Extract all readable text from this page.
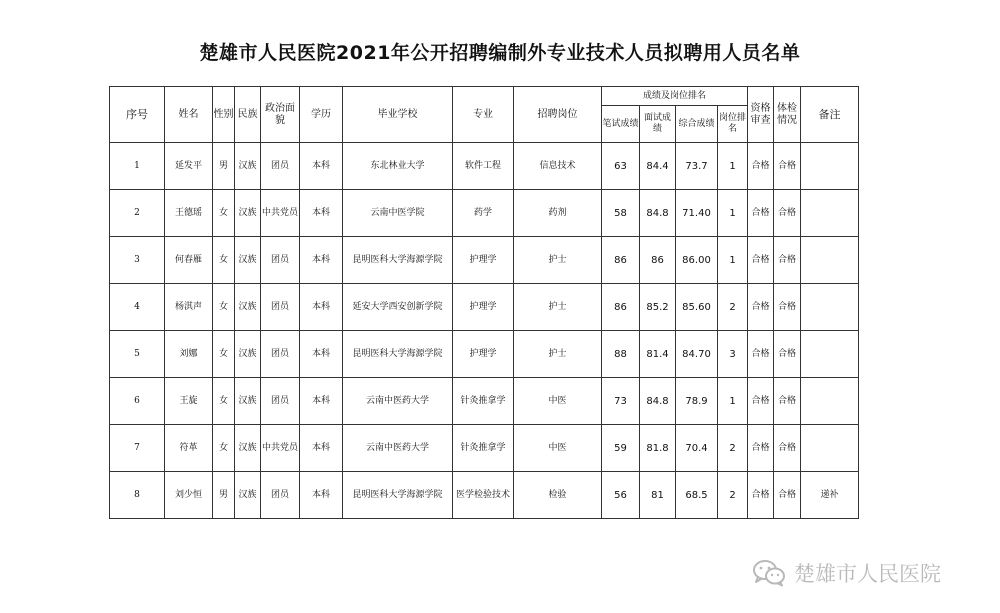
楚雄市人民医院2021年公开招聘编制外专业技术人员拟聘用人员名单
序号	姓名	性别	民族	政治面貌	学历	毕业学校	专业	招聘岗位	成绩及岗位排名				资格审查	体检情况	备注
									笔试成绩	面试成绩	综合成绩	岗位排名			
1	延发平	男	汉族	团员	本科	东北林业大学	软件工程	信息技术	63	84.4	73.7	1	合格	合格	
2	王德瑶	女	汉族	中共党员	本科	云南中医学院	药学	药剂	58	84.8	71.40	1	合格	合格	
3	何春雁	女	汉族	团员	本科	昆明医科大学海源学院	护理学	护士	86	86	86.00	1	合格	合格	
4	杨淇声	女	汉族	团员	本科	延安大学西安创新学院	护理学	护士	86	85.2	85.60	2	合格	合格	
5	刘娜	女	汉族	团员	本科	昆明医科大学海源学院	护理学	护士	88	81.4	84.70	3	合格	合格	
6	王旋	女	汉族	团员	本科	云南中医药大学	针灸推拿学	中医	73	84.8	78.9	1	合格	合格	
7	符革	女	汉族	中共党员	本科	云南中医药大学	针灸推拿学	中医	59	81.8	70.4	2	合格	合格	
8	刘少恒	男	汉族	团员	本科	昆明医科大学海源学院	医学检验技术	检验	56	81	68.5	2	合格	合格	递补
楚雄市人民医院
